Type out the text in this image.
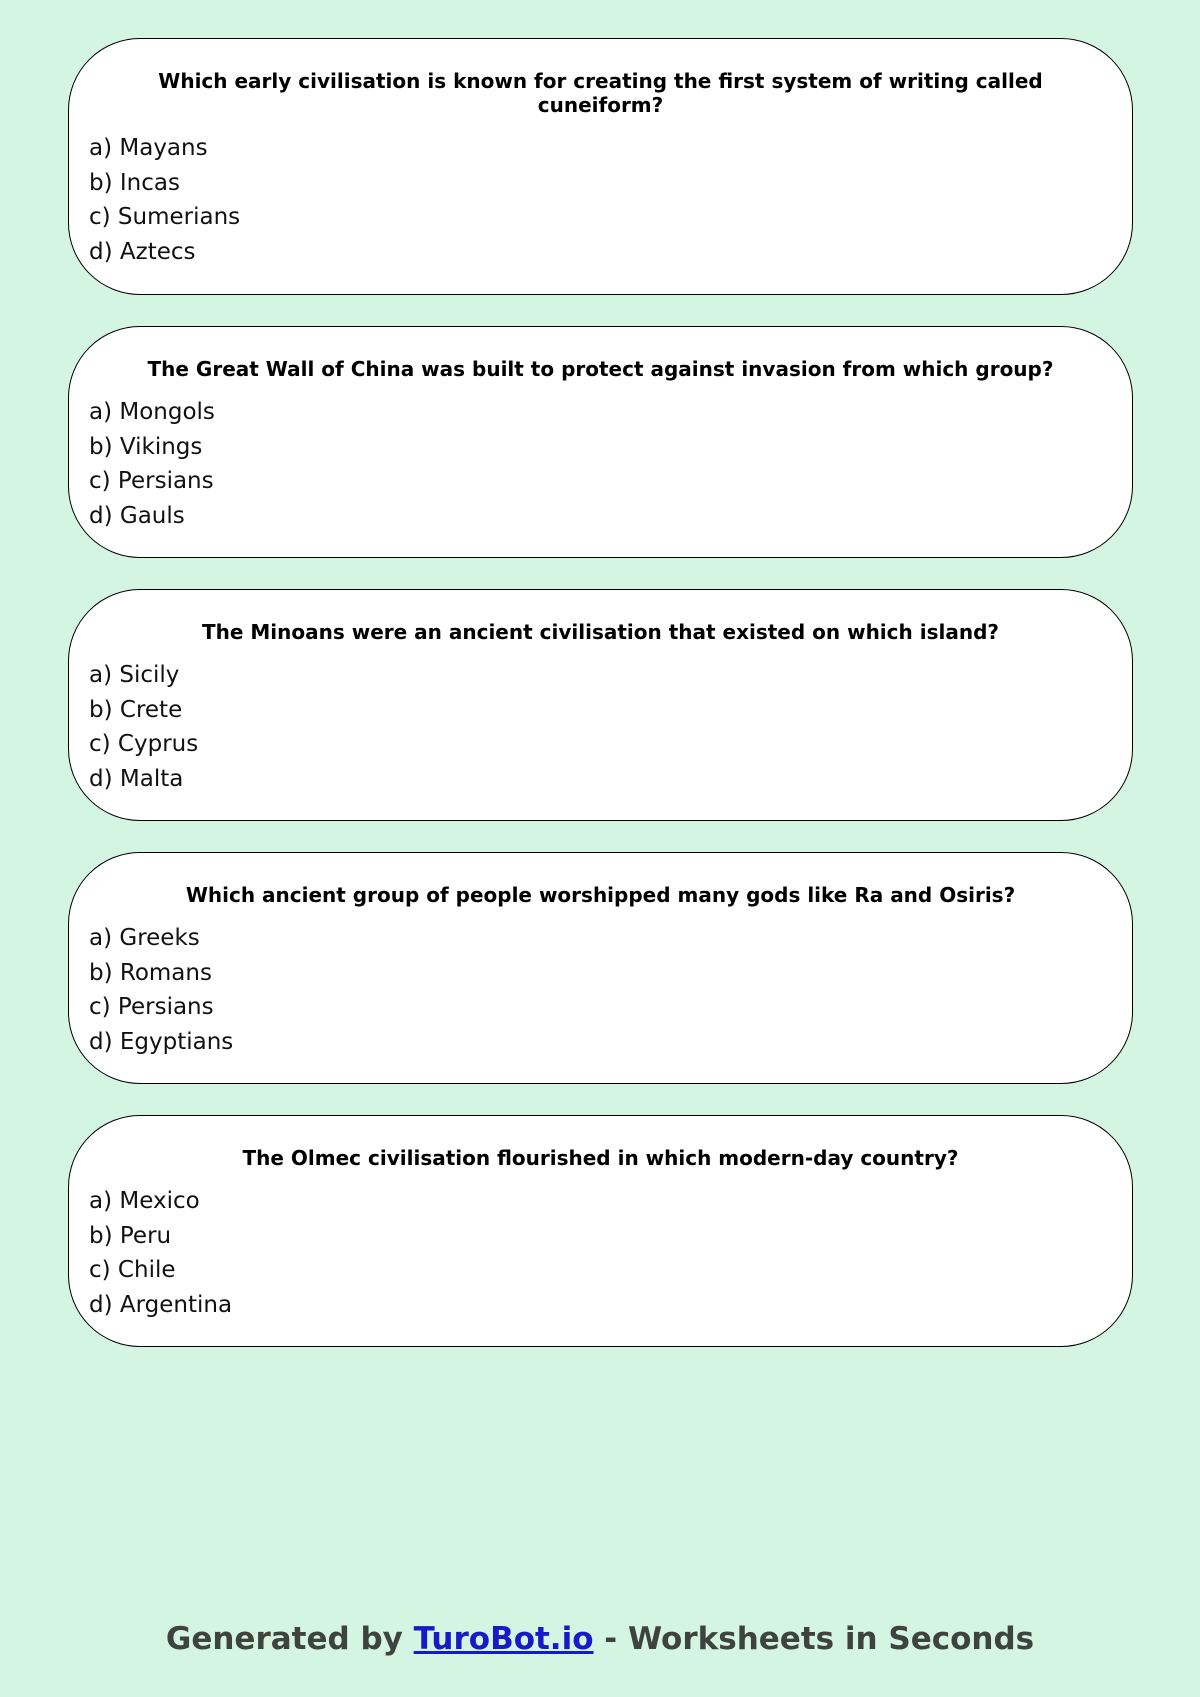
Which early civilisation is known for creating the first system of writing called cuneiform?

a) Mayans
b) Incas
c) Sumerians
d) Aztecs

The Great Wall of China was built to protect against invasion from which group?

a) Mongols
b) Vikings
c) Persians
d) Gauls

The Minoans were an ancient civilisation that existed on which island?

a) Sicily
b) Crete
c) Cyprus
d) Malta

Which ancient group of people worshipped many gods like Ra and Osiris?

a) Greeks
b) Romans
c) Persians
d) Egyptians

The Olmec civilisation flourished in which modern-day country?

a) Mexico
b) Peru
c) Chile
d) Argentina
Generated by TuroBot.io - Worksheets in Seconds
